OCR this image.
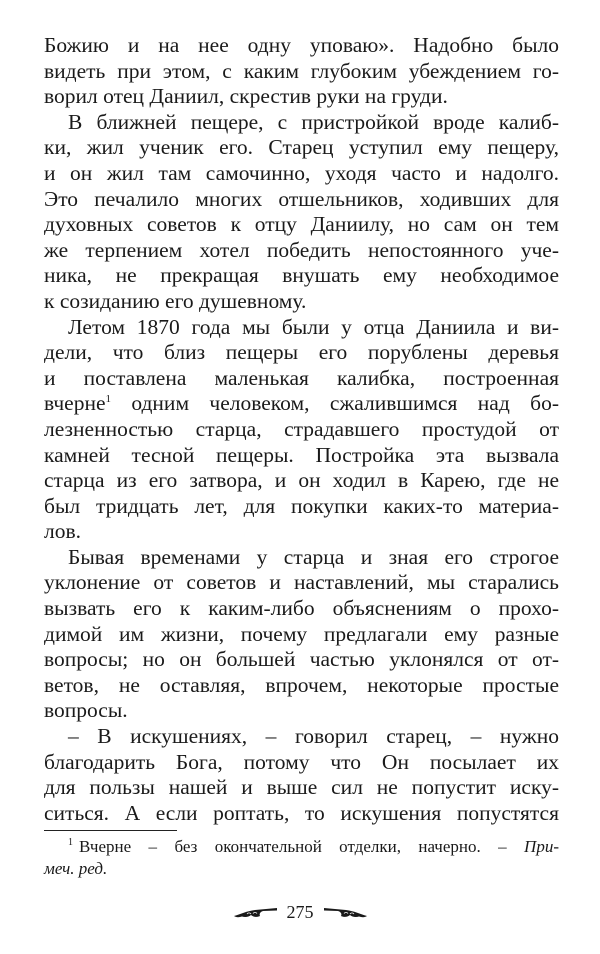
Божию и на нее одну уповаю». Надобно было
видеть при этом, с каким глубоким убеждением го-
ворил отец Даниил, скрестив руки на груди.
В ближней пещере, с пристройкой вроде калиб-
ки, жил ученик его. Старец уступил ему пещеру,
и он жил там самочинно, уходя часто и надолго.
Это печалило многих отшельников, ходивших для
духовных советов к отцу Даниилу, но сам он тем
же терпением хотел победить непостоянного уче-
ника, не прекращая внушать ему необходимое
к созиданию его душевному.
Летом 1870 года мы были у отца Даниила и ви-
дели, что близ пещеры его порублены деревья
и поставлена маленькая калибка, построенная
вчерне$^1$ одним человеком, сжалившимся над бо-
лезненностью старца, страдавшего простудой от
камней тесной пещеры. Постройка эта вызвала
старца из его затвора, и он ходил в Карею, где не
был тридцать лет, для покупки каких-то материа-
лов.
Бывая временами у старца и зная его строгое
уклонение от советов и наставлений, мы старались
вызвать его к каким-либо объяснениям о прохо-
димой им жизни, почему предлагали ему разные
вопросы; но он большей частью уклонялся от от-
ветов, не оставляя, впрочем, некоторые простые
вопросы.
– В искушениях, – говорил старец, – нужно
благодарить Бога, потому что Он посылает их
для пользы нашей и выше сил не попустит иску-
ситься. А если роптать, то искушения попустятся
$^1$ Вчерне – без окончательной отделки, начерно. – При-
меч. ред.
275
